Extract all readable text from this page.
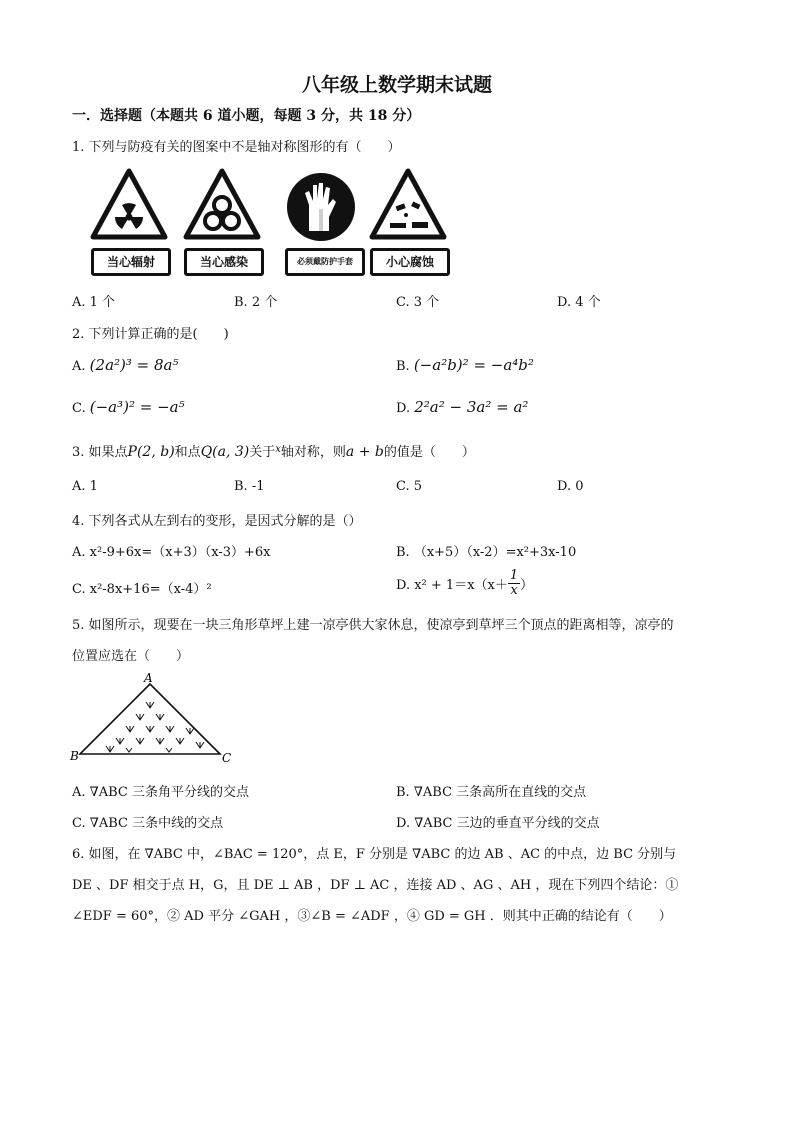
八年级上数学期末试题
一．选择题（本题共 6 道小题，每题 3 分，共 18 分）
1. 下列与防疫有关的图案中不是轴对称图形的有（　　）
当心辐射	当心感染	必须戴防护手套	小心腐蚀
A. 1 个	B. 2 个	C. 3 个	D. 4 个
2. 下列计算正确的是(　　)
A. (2a²)³ = 8a⁵	B. (−a²b)² = −a⁴b²
C. (−a³)² = −a⁵	D. 2²a² − 3a² = a²
3. 如果点P(2, b)和点Q(a, 3)关于$^x$轴对称，则a + b的值是（　　）
A. 1	B. -1	C. 5	D. 0
4. 下列各式从左到右的变形，是因式分解的是（）
A. x²-9+6x=（x+3）（x-3）+6x	B. （x+5）（x-2）=x²+3x-10
C. x²-8x+16=（x-4）²	D. $x^2 + 1=x(x+ \frac{1}{x}$ ）
5. 如图所示，现要在一块三角形草坪上建一凉亭供大家休息，使凉亭到草坪三个顶点的距离相等，凉亭的
位置应选在（　　）
A
B	C
A. ∇ABC 三条角平分线的交点	B. ∇ABC 三条高所在直线的交点
C. ∇ABC 三条中线的交点	D. ∇ABC 三边的垂直平分线的交点
6. 如图，在 ∇ABC 中，∠BAC = 120°，点 E，F 分别是 ∇ABC 的边 AB 、AC 的中点，边 BC 分别与
DE 、DF 相交于点 H，G，且 DE ⊥ AB ，DF ⊥ AC ，连接 AD 、AG 、AH ，现在下列四个结论：①
∠EDF = 60°，② AD 平分 ∠GAH ，③∠B = ∠ADF ，④ GD = GH ．则其中正确的结论有（　　）
